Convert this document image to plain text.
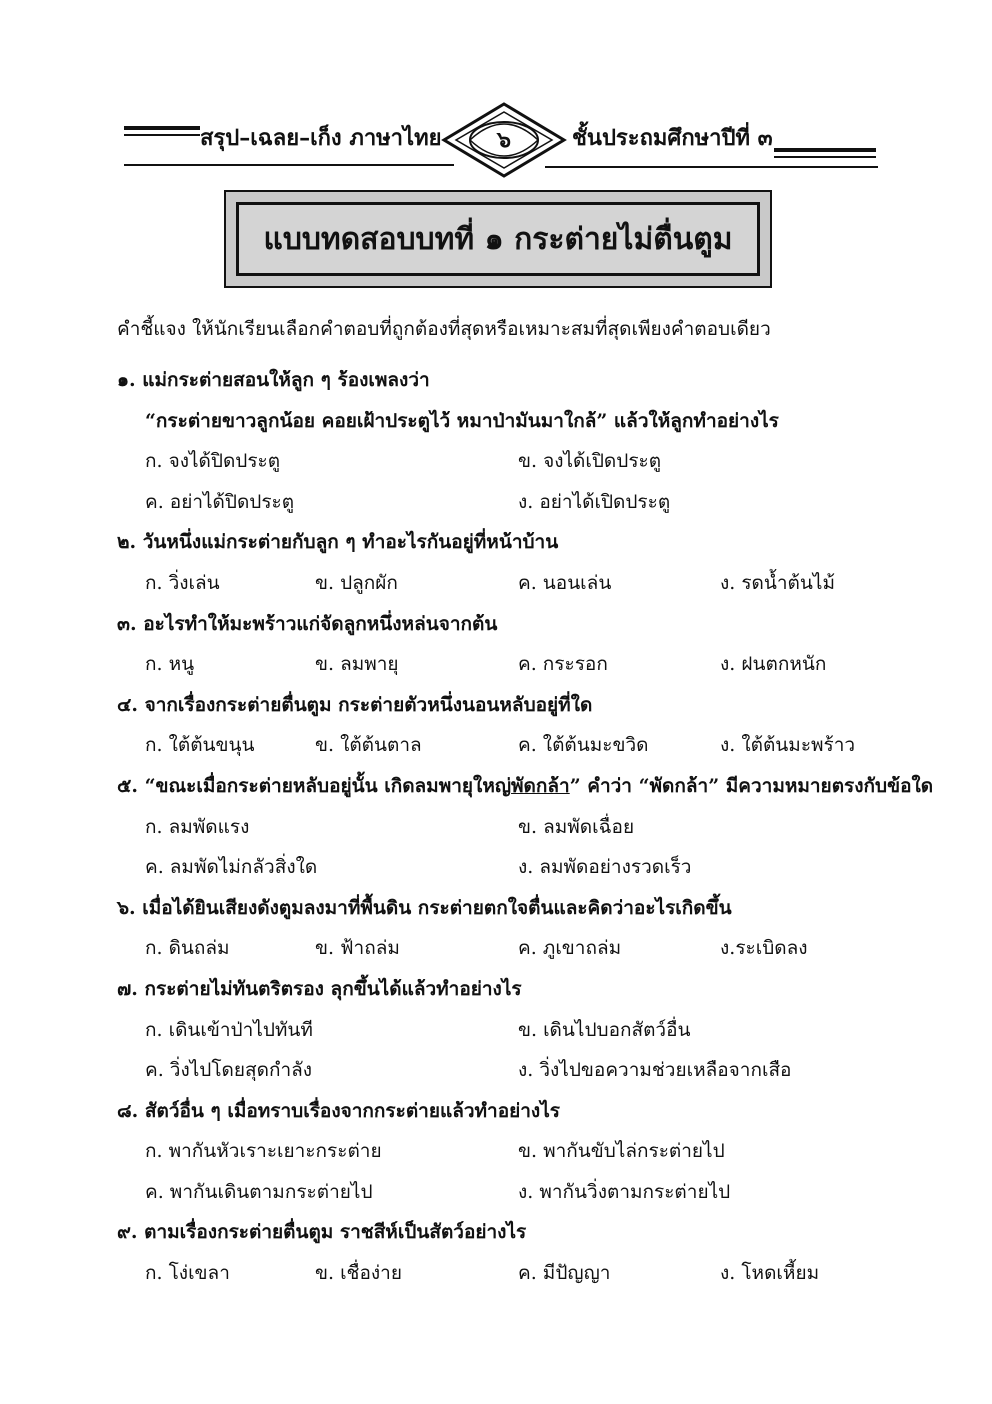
สรุป–เฉลย–เก็ง ภาษาไทย	๖	ชั้นประถมศึกษาปีที่ ๓
แบบทดสอบบทที่ ๑ กระต่ายไม่ตื่นตูม
คำชี้แจง ให้นักเรียนเลือกคำตอบที่ถูกต้องที่สุดหรือเหมาะสมที่สุดเพียงคำตอบเดียว
๑. แม่กระต่ายสอนให้ลูก ๆ ร้องเพลงว่า
“กระต่ายขาวลูกน้อย คอยเฝ้าประตูไว้ หมาป่ามันมาใกล้” แล้วให้ลูกทำอย่างไร
ก. จงได้ปิดประตู	ข. จงได้เปิดประตู
ค. อย่าได้ปิดประตู	ง. อย่าได้เปิดประตู
๒. วันหนึ่งแม่กระต่ายกับลูก ๆ ทำอะไรกันอยู่ที่หน้าบ้าน
ก. วิ่งเล่น	ข. ปลูกผัก	ค. นอนเล่น	ง. รดน้ำต้นไม้
๓. อะไรทำให้มะพร้าวแก่จัดลูกหนึ่งหล่นจากต้น
ก. หนู	ข. ลมพายุ	ค. กระรอก	ง. ฝนตกหนัก
๔. จากเรื่องกระต่ายตื่นตูม กระต่ายตัวหนึ่งนอนหลับอยู่ที่ใด
ก. ใต้ต้นขนุน	ข. ใต้ต้นตาล	ค. ใต้ต้นมะขวิด	ง. ใต้ต้นมะพร้าว
๕. “ขณะเมื่อกระต่ายหลับอยู่นั้น เกิดลมพายุใหญ่พัดกล้า” คำว่า “พัดกล้า” มีความหมายตรงกับข้อใด
ก. ลมพัดแรง	ข. ลมพัดเฉื่อย
ค. ลมพัดไม่กลัวสิ่งใด	ง. ลมพัดอย่างรวดเร็ว
๖. เมื่อได้ยินเสียงดังตูมลงมาที่พื้นดิน กระต่ายตกใจตื่นและคิดว่าอะไรเกิดขึ้น
ก. ดินถล่ม	ข. ฟ้าถล่ม	ค. ภูเขาถล่ม	ง.ระเบิดลง
๗. กระต่ายไม่ทันตริตรอง ลุกขึ้นได้แล้วทำอย่างไร
ก. เดินเข้าป่าไปทันที	ข. เดินไปบอกสัตว์อื่น
ค. วิ่งไปโดยสุดกำลัง	ง. วิ่งไปขอความช่วยเหลือจากเสือ
๘. สัตว์อื่น ๆ เมื่อทราบเรื่องจากกระต่ายแล้วทำอย่างไร
ก. พากันหัวเราะเยาะกระต่าย	ข. พากันขับไล่กระต่ายไป
ค. พากันเดินตามกระต่ายไป	ง. พากันวิ่งตามกระต่ายไป
๙. ตามเรื่องกระต่ายตื่นตูม ราชสีห์เป็นสัตว์อย่างไร
ก. โง่เขลา	ข. เชื่อง่าย	ค. มีปัญญา	ง. โหดเหี้ยม
